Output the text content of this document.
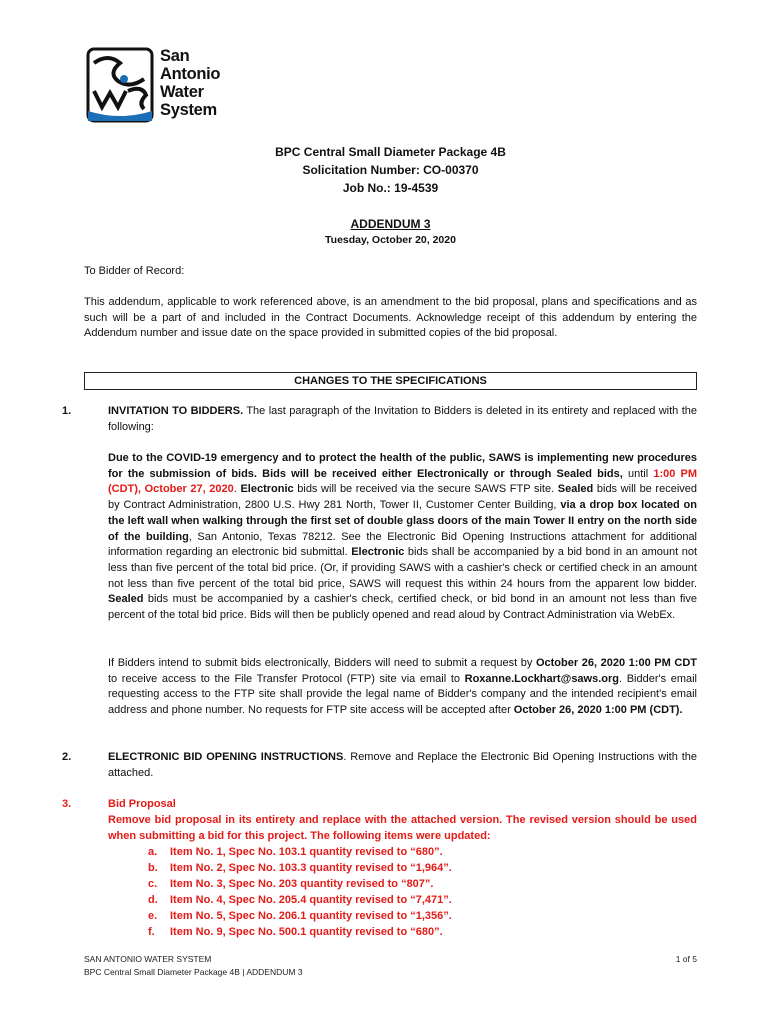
San
Antonio
Water
System
BPC Central Small Diameter Package 4B
Solicitation Number: CO-00370
Job No.: 19-4539
ADDENDUM 3
Tuesday, October 20, 2020
To Bidder of Record:
This addendum, applicable to work referenced above, is an amendment to the bid proposal, plans and specifications and as such will be a part of and included in the Contract Documents. Acknowledge receipt of this addendum by entering the Addendum number and issue date on the space provided in submitted copies of the bid proposal.
CHANGES TO THE SPECIFICATIONS
1.	INVITATION TO BIDDERS. The last paragraph of the Invitation to Bidders is deleted in its entirety and replaced with the following:
Due to the COVID-19 emergency and to protect the health of the public, SAWS is implementing new procedures for the submission of bids. Bids will be received either Electronically or through Sealed bids, until 1:00 PM (CDT), October 27, 2020. Electronic bids will be received via the secure SAWS FTP site. Sealed bids will be received by Contract Administration, 2800 U.S. Hwy 281 North, Tower II, Customer Center Building, via a drop box located on the left wall when walking through the first set of double glass doors of the main Tower II entry on the north side of the building, San Antonio, Texas 78212. See the Electronic Bid Opening Instructions attachment for additional information regarding an electronic bid submittal. Electronic bids shall be accompanied by a bid bond in an amount not less than five percent of the total bid price. (Or, if providing SAWS with a cashier's check or certified check in an amount not less than five percent of the total bid price, SAWS will request this within 24 hours from the apparent low bidder. Sealed bids must be accompanied by a cashier's check, certified check, or bid bond in an amount not less than five percent of the total bid price. Bids will then be publicly opened and read aloud by Contract Administration via WebEx.
If Bidders intend to submit bids electronically, Bidders will need to submit a request by October 26, 2020 1:00 PM CDT to receive access to the File Transfer Protocol (FTP) site via email to Roxanne.Lockhart@saws.org. Bidder's email requesting access to the FTP site shall provide the legal name of Bidder's company and the intended recipient's email address and phone number. No requests for FTP site access will be accepted after October 26, 2020 1:00 PM (CDT).
2.	ELECTRONIC BID OPENING INSTRUCTIONS. Remove and Replace the Electronic Bid Opening Instructions with the attached.
3.	Bid Proposal
Remove bid proposal in its entirety and replace with the attached version. The revised version should be used when submitting a bid for this project. The following items were updated:
a. Item No. 1, Spec No. 103.1 quantity revised to “680”.
b. Item No. 2, Spec No. 103.3 quantity revised to “1,964”.
c. Item No. 3, Spec No. 203 quantity revised to “807”.
d. Item No. 4, Spec No. 205.4 quantity revised to “7,471”.
e. Item No. 5, Spec No. 206.1 quantity revised to “1,356”.
f. Item No. 9, Spec No. 500.1 quantity revised to “680”.
SAN ANTONIO WATER SYSTEM
BPC Central Small Diameter Package 4B | ADDENDUM 3
1 of 5
